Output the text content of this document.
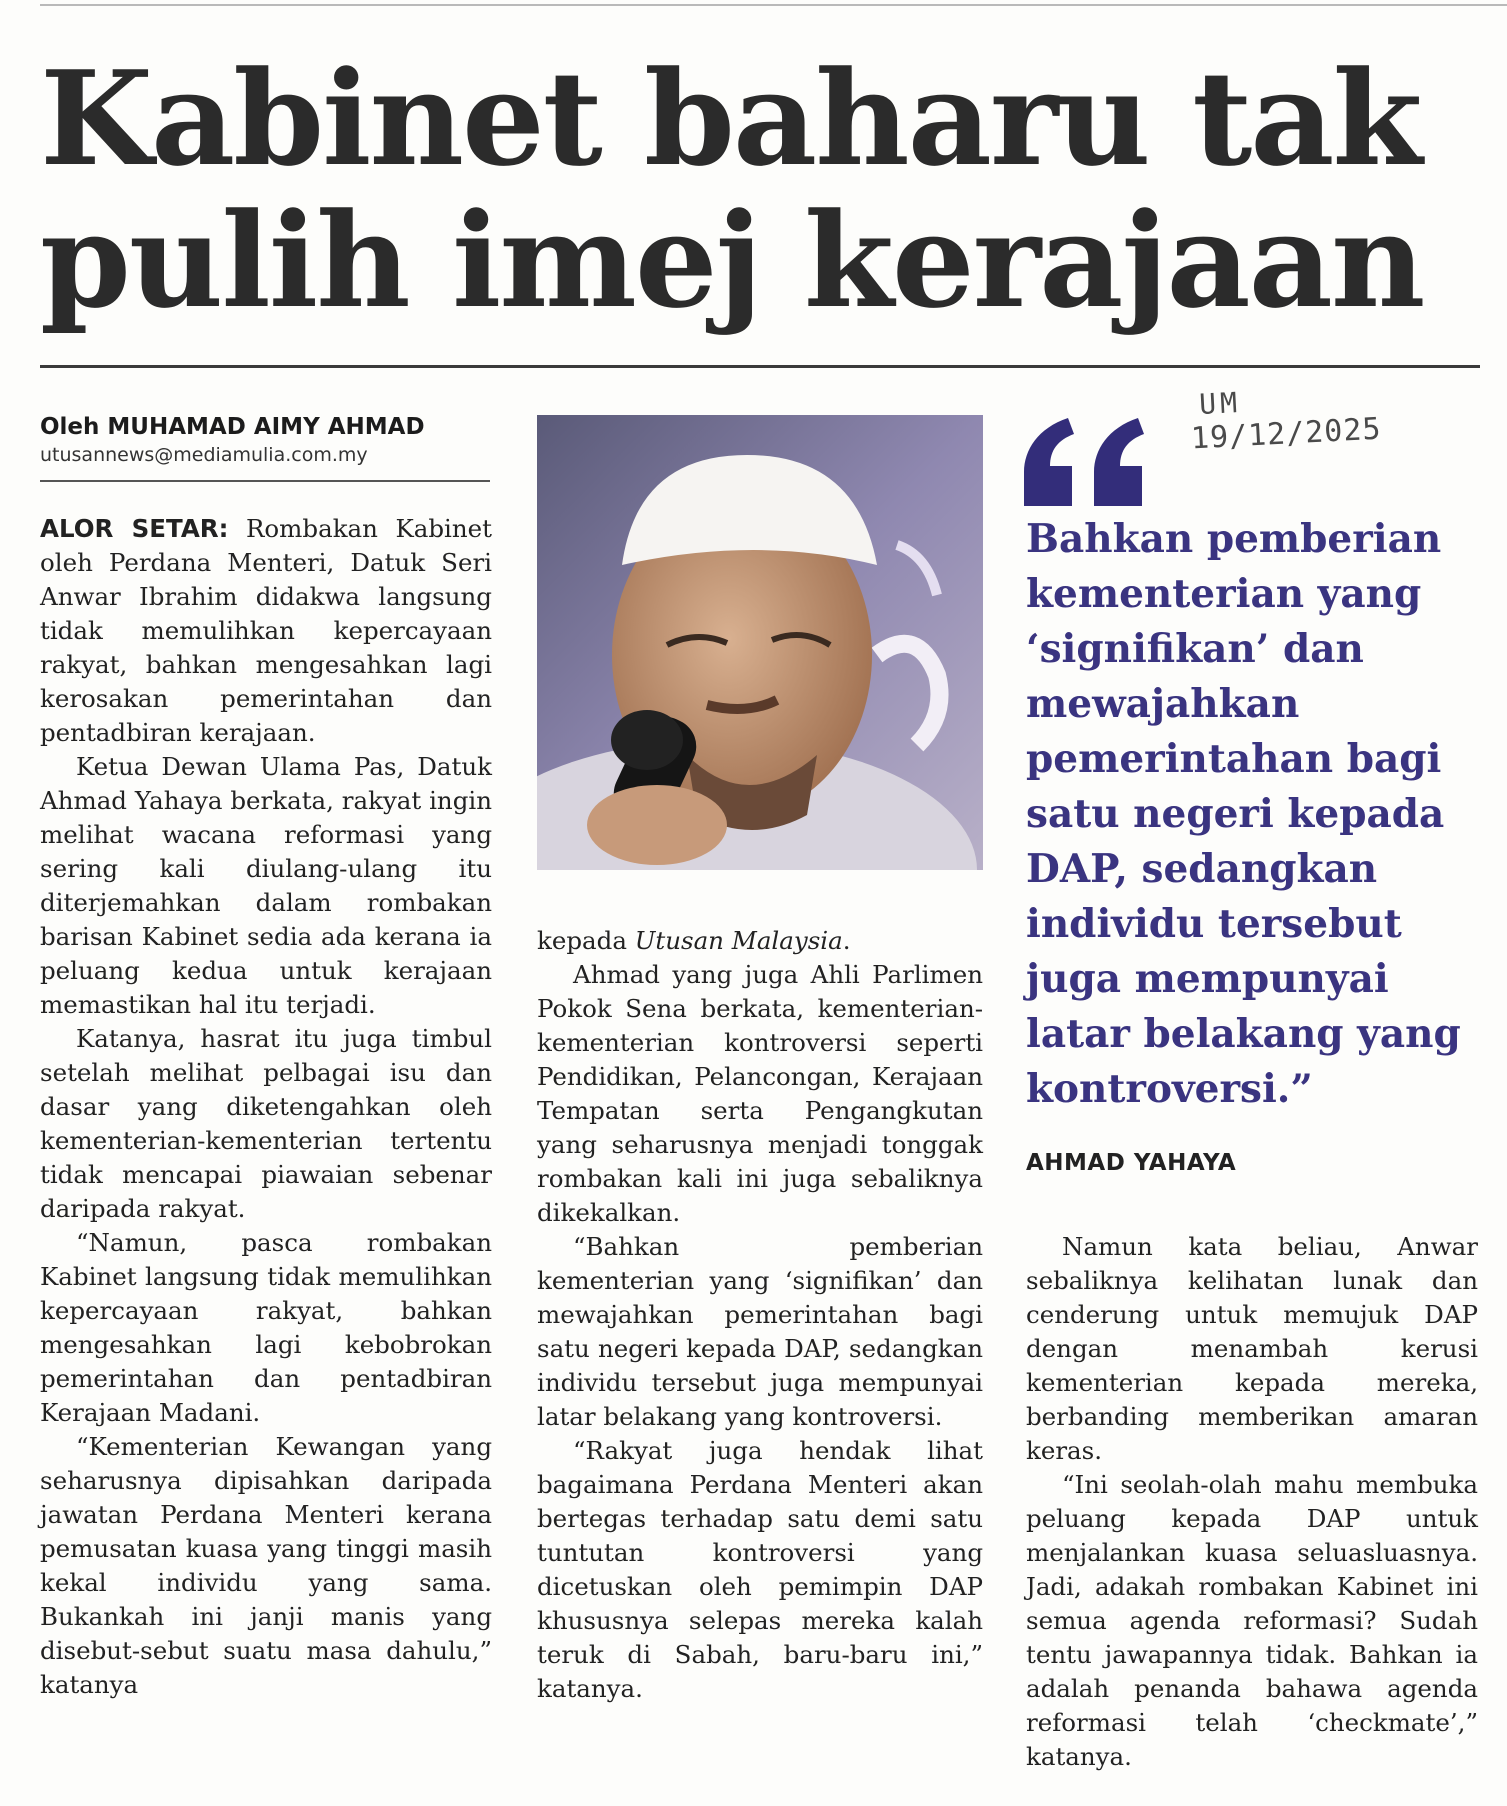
Kabinet baharu tak
pulih imej kerajaan
Oleh MUHAMAD AIMY AHMAD
utusannews@mediamulia.com.my

ALOR SETAR: Rombakan Kabinet oleh Perdana Menteri, Datuk Seri Anwar Ibrahim didakwa langsung tidak memulihkan kepercayaan rakyat, bahkan mengesahkan lagi kerosakan pemerintahan dan pentadbiran kerajaan.

Ketua Dewan Ulama Pas, Datuk Ahmad Yahaya berkata, rakyat ingin melihat wacana reformasi yang sering kali diulang-ulang itu diterjemahkan dalam rombakan barisan Kabinet sedia ada kerana ia peluang kedua untuk kerajaan memastikan hal itu terjadi.

Katanya, hasrat itu juga timbul setelah melihat pelbagai isu dan dasar yang diketengahkan oleh kementerian-kementerian tertentu tidak mencapai piawaian sebenar daripada rakyat.

“Namun, pasca rombakan Kabinet langsung tidak memulihkan kepercayaan rakyat, bahkan mengesahkan lagi kebobrokan pemerintahan dan pentadbiran Kerajaan Madani.

“Kementerian Kewangan yang seharusnya dipisahkan daripada jawatan Perdana Menteri kerana pemusatan kuasa yang tinggi masih kekal individu yang sama. Bukankah ini janji manis yang disebut-sebut suatu masa dahulu,” katanya

kepada Utusan Malaysia.

Ahmad yang juga Ahli Parlimen Pokok Sena berkata, kementerian-kementerian kontroversi seperti Pendidikan, Pelancongan, Kerajaan Tempatan serta Pengangkutan yang seharusnya menjadi tonggak rombakan kali ini juga sebaliknya dikekalkan.

“Bahkan pemberian kementerian yang ‘signifikan’ dan mewajahkan pemerintahan bagi satu negeri kepada DAP, sedangkan individu tersebut juga mempunyai latar belakang yang kontroversi.

“Rakyat juga hendak lihat bagaimana Perdana Menteri akan bertegas terhadap satu demi satu tuntutan kontroversi yang dicetuskan oleh pemimpin DAP khususnya selepas mereka kalah teruk di Sabah, baru-baru ini,” katanya.

UM
19/12/2025

Bahkan pemberian kementerian yang ‘signifikan’ dan mewajahkan pemerintahan bagi satu negeri kepada DAP, sedangkan individu tersebut juga mempunyai latar belakang yang kontroversi.”

AHMAD YAHAYA

Namun kata beliau, Anwar sebaliknya kelihatan lunak dan cenderung untuk memujuk DAP dengan menambah kerusi kementerian kepada mereka, berbanding memberikan amaran keras.

“Ini seolah-olah mahu membuka peluang kepada DAP untuk menjalankan kuasa seluasluasnya. Jadi, adakah rombakan Kabinet ini semua agenda reformasi? Sudah tentu jawapannya tidak. Bahkan ia adalah penanda bahawa agenda reformasi telah ‘checkmate’,” katanya.
